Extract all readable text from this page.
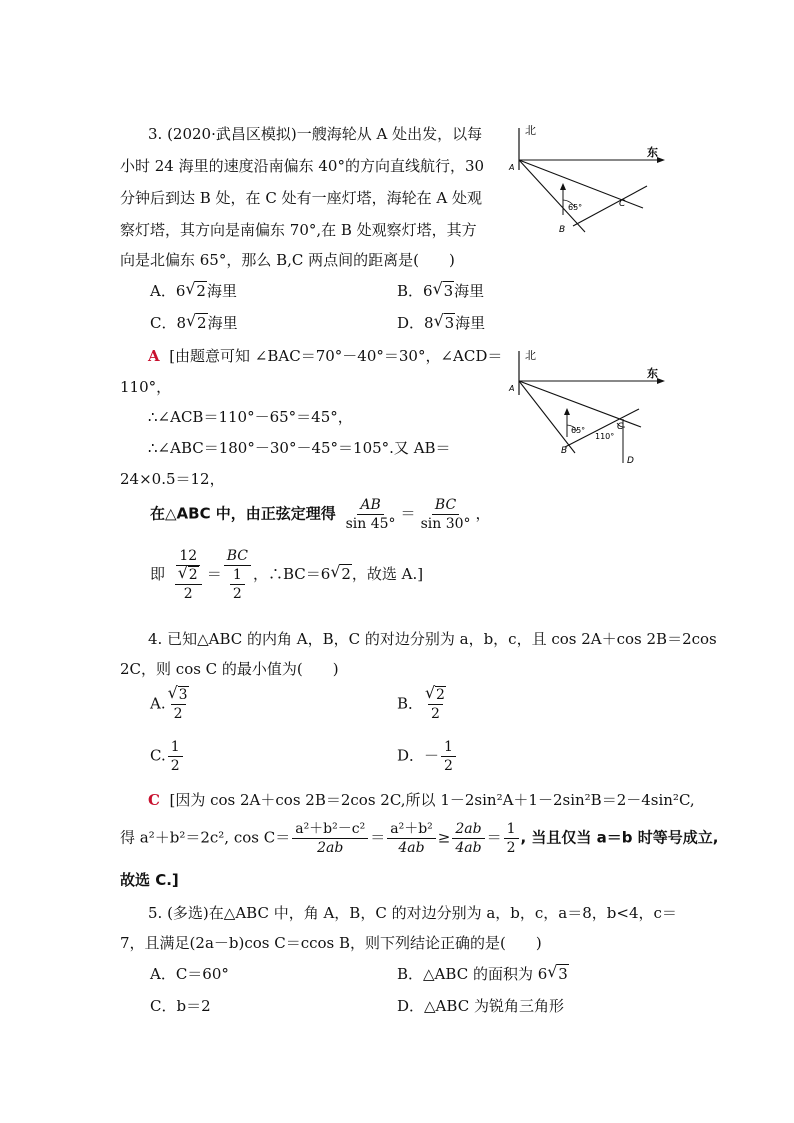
3. (2020·武昌区模拟)一艘海轮从 A 处出发，以每
小时 24 海里的速度沿南偏东 40°的方向直线航行，30
分钟后到达 B 处，在 C 处有一座灯塔，海轮在 A 处观
察灯塔，其方向是南偏东 70°,在 B 处观察灯塔，其方
向是北偏东 65°，那么 B,C 两点间的距离是(　　)
A．6 √ 2海里	B．6 √ 3海里
C．8 √ 2海里	D．8 √ 3海里
北
东
A
B
C
65°
A [由题意可知 ∠BAC＝70°－40°＝30°，∠ACD＝
110°，
∴∠ACB＝110°－65°＝45°，
∴∠ABC＝180°－30°－45°＝105°.又 AB＝
24×0.5＝12，
在△ABC 中，由正弦定理得 $\frac{AB}{\sin 45^\circ} = \frac{BC}{\sin 30^\circ}$ ，
即 12
√ $\frac{2}{2} = \frac{BC}{\frac{1}{2}}$ ，∴BC＝6 √ 2，故选 A.]
北
东
A
B
C
D
65°
110°
4. 已知△ABC 的内角 A，B，C 的对边分别为 a，b，c，且 cos 2A＋cos 2B＝2cos
2C，则 cos C 的最小值为(　　)
A. √ $\frac{3}{2}$	B． √ $\frac{2}{2}$
C. $\frac{1}{2}$	D．－ $\frac{1}{2}$
C [因为 cos 2A＋cos 2B＝2cos 2C,所以 1－2sin²A＋1－2sin²B＝2－4sin²C,
得 a²＋b²＝2c², $\cos C= \frac{\text{a²＋b²－c²}}{2ab} = \frac{\text{a²＋b²}}{4ab} \ge \frac{2ab}{4ab} = \frac{1}{2}$ , 当且仅当 a＝b 时等号成立,
故选 C.]
5. (多选)在△ABC 中，角 A，B，C 的对边分别为 a，b，c，a＝8，b<4，c＝
7，且满足(2a－b)cos C＝ccos B，则下列结论正确的是(　　)
A．C＝60°	B．△ABC 的面积为 6 √ 3
C．b＝2	D．△ABC 为锐角三角形
